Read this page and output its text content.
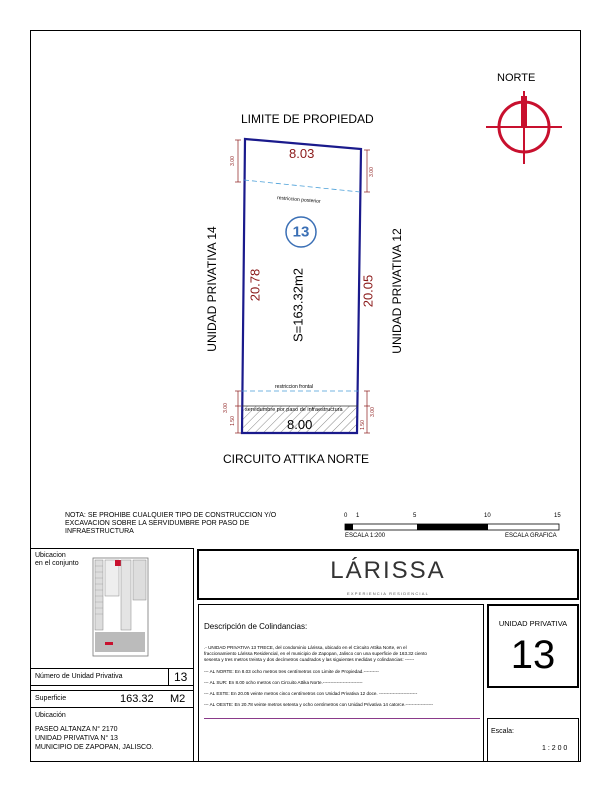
NORTE
LIMITE DE PROPIEDAD
CIRCUITO ATTIKA NORTE
UNIDAD PRIVATIVA 14	UNIDAD PRIVATIVA 12
13
S=163.32m2
8.03
8.00
20.78	20.05
restriccion posterior
restriccion frontal
servidumbre por paso de infraestructura
3.00
3.00
3.00
1.50
3.00
1.50
NOTA: SE PROHIBE CUALQUIER TIPO DE CONSTRUCCION Y/O
EXCAVACION SOBRE LA SERVIDUMBRE POR PASO DE
INFRAESTRUCTURA
0 1	5	10	15
ESCALA 1:200	ESCALA GRAFICA
Ubicacion
en el conjunto
Número de Unidad Privativa	13
Superficie	163.32 M2
Ubicación
PASEO ALTANZA N° 2170
UNIDAD PRIVATIVA N° 13
MUNICIPIO DE ZAPOPAN, JALISCO.
LÁRISSA
EXPERIENCIA RESIDENCIAL
Descripción de Colindancias:
.- UNIDAD PRIVATIVA 13 TRECE, del condominio Lárissa, ubicado en el Circuito Attika Norte, en el
fraccionamiento Lárissa Residencial, en el municipio de Zapopan, Jalisco con una superficie de 163.32 ciento
sesenta y tres metros treinta y dos decímetros cuadrados y las siguientes medidas y colindancias: ------
--- AL NORTE: En 8.03 ocho metros tres centímetros con Limite de Propiedad.----------
--- AL SUR: En 8.00 ocho metros con Circuito Attika Norte.--------------------------
--- AL ESTE: En 20.05 veinte metros cinco centímetros con Unidad Privativa 12 doce. -------------------------
--- AL OESTE: En 20.78 veinte metros setenta y ocho centímetros con Unidad Privativa 14 catorce.------------------
UNIDAD PRIVATIVA
13
Escala:
1 : 2 0 0
